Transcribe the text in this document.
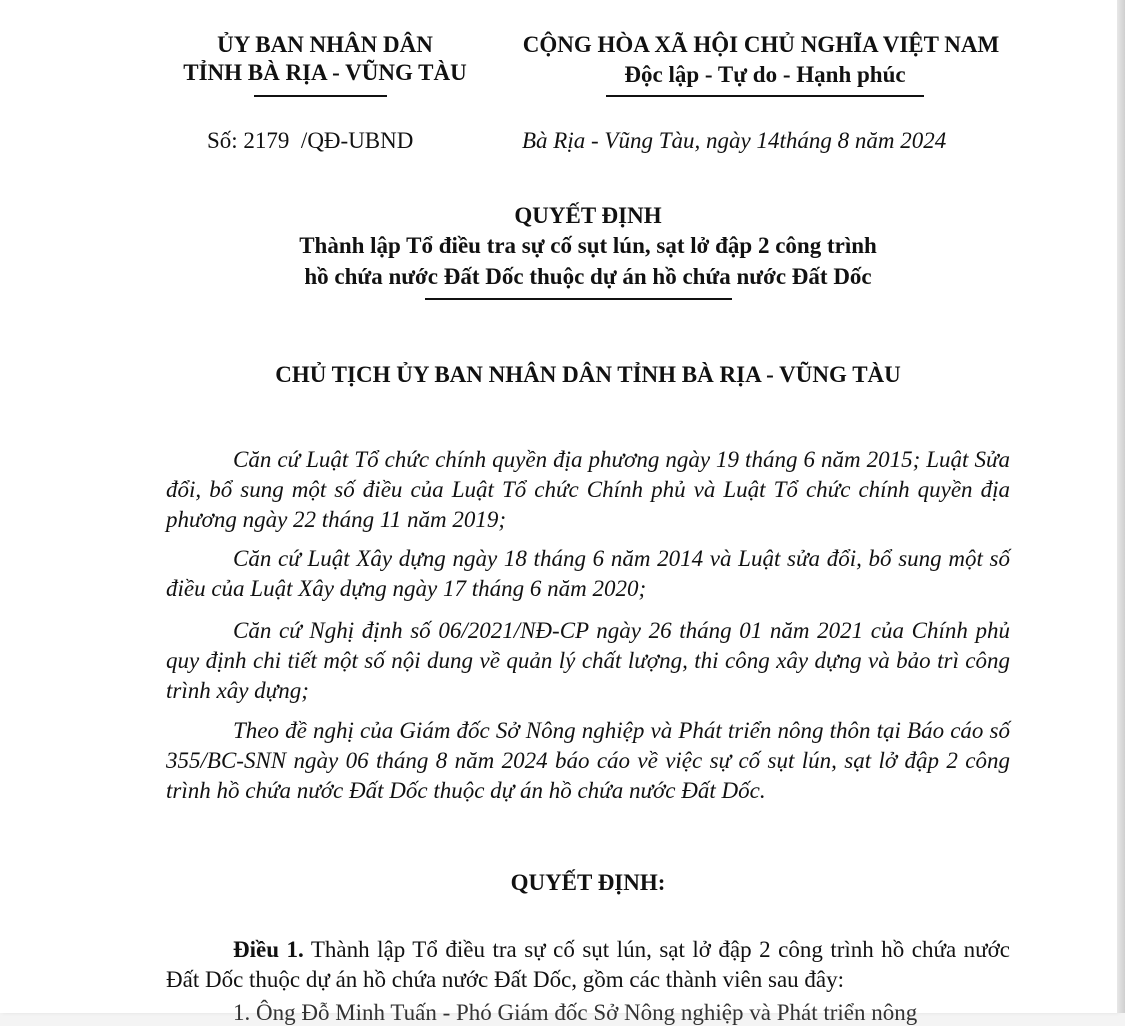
ỦY BAN NHÂN DÂN
TỈNH BÀ RỊA - VŨNG TÀU
CỘNG HÒA XÃ HỘI CHỦ NGHĨA VIỆT NAM
Độc lập - Tự do - Hạnh phúc
Số: 2179  /QĐ-UBND	Bà Rịa - Vũng Tàu, ngày 14tháng 8 năm 2024
QUYẾT ĐỊNH
Thành lập Tổ điều tra sự cố sụt lún, sạt lở đập 2 công trình
hồ chứa nước Đất Dốc thuộc dự án hồ chứa nước Đất Dốc
CHỦ TỊCH ỦY BAN NHÂN DÂN TỈNH BÀ RỊA - VŨNG TÀU
Căn cứ Luật Tổ chức chính quyền địa phương ngày 19 tháng 6 năm 2015; Luật Sửa đổi, bổ sung một số điều của Luật Tổ chức Chính phủ và Luật Tổ chức chính quyền địa phương ngày 22 tháng 11 năm 2019;
Căn cứ Luật Xây dựng ngày 18 tháng 6 năm 2014 và Luật sửa đổi, bổ sung một số điều của Luật Xây dựng ngày 17 tháng 6 năm 2020;
Căn cứ Nghị định số 06/2021/NĐ-CP ngày 26 tháng 01 năm 2021 của Chính phủ quy định chi tiết một số nội dung về quản lý chất lượng, thi công xây dựng và bảo trì công trình xây dựng;
Theo đề nghị của Giám đốc Sở Nông nghiệp và Phát triển nông thôn tại Báo cáo số 355/BC-SNN ngày 06 tháng 8 năm 2024 báo cáo về việc sự cố sụt lún, sạt lở đập 2 công trình hồ chứa nước Đất Dốc thuộc dự án hồ chứa nước Đất Dốc.
QUYẾT ĐỊNH:
Điều 1. Thành lập Tổ điều tra sự cố sụt lún, sạt lở đập 2 công trình hồ chứa nước Đất Dốc thuộc dự án hồ chứa nước Đất Dốc, gồm các thành viên sau đây:
1. Ông Đỗ Minh Tuấn - Phó Giám đốc Sở Nông nghiệp và Phát triển nông
